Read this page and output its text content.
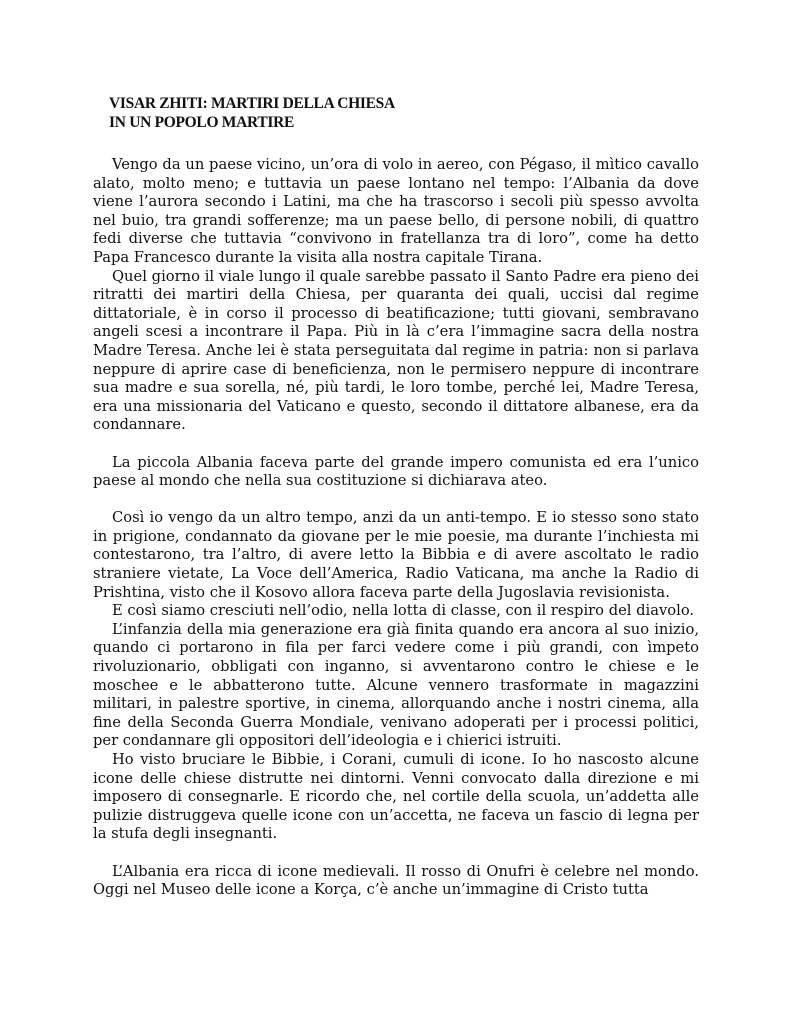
VISAR ZHITI: MARTIRI DELLA CHIESA
IN UN POPOLO MARTIRE

Vengo da un paese vicino, un’ora di volo in aereo, con Pégaso, il mìtico cavallo alato, molto meno; e tuttavia un paese lontano nel tempo: l’Albania da dove viene l’aurora secondo i Latini, ma che ha trascorso i secoli più spesso avvolta nel buio, tra grandi sofferenze; ma un paese bello, di persone nobili, di quattro fedi diverse che tuttavia “convivono in fratellanza tra di loro”, come ha detto Papa Francesco durante la visita alla nostra capitale Tirana.

Quel giorno il viale lungo il quale sarebbe passato il Santo Padre era pieno dei ritratti dei martiri della Chiesa, per quaranta dei quali, uccisi dal regime dittatoriale, è in corso il processo di beatificazione; tutti giovani, sembravano angeli scesi a incontrare il Papa. Più in là c’era l’immagine sacra della nostra Madre Teresa. Anche lei è stata perseguitata dal regime in patria: non si parlava neppure di aprire case di beneficienza, non le permisero neppure di incontrare sua madre e sua sorella, né, più tardi, le loro tombe, perché lei, Madre Teresa, era una missionaria del Vaticano e questo, secondo il dittatore albanese, era da condannare.

La piccola Albania faceva parte del grande impero comunista ed era l’unico paese al mondo che nella sua costituzione si dichiarava ateo.

Così io vengo da un altro tempo, anzi da un anti-tempo. E io stesso sono stato in prigione, condannato da giovane per le mie poesie, ma durante l’inchiesta mi contestarono, tra l’altro, di avere letto la Bibbia e di avere ascoltato le radio straniere vietate, La Voce dell’America, Radio Vaticana, ma anche la Radio di Prishtina, visto che il Kosovo allora faceva parte della Jugoslavia revisionista.

E così siamo cresciuti nell’odio, nella lotta di classe, con il respiro del diavolo.

L’infanzia della mia generazione era già finita quando era ancora al suo inizio, quando ci portarono in fila per farci vedere come i più grandi, con ìmpeto rivoluzionario, obbligati con inganno, si avventarono contro le chiese e le moschee e le abbatterono tutte. Alcune vennero trasformate in magazzini militari, in palestre sportive, in cinema, allorquando anche i nostri cinema, alla fine della Seconda Guerra Mondiale, venivano adoperati per i processi politici, per condannare gli oppositori dell’ideologia e i chierici istruiti.

Ho visto bruciare le Bibbie, i Corani, cumuli di icone. Io ho nascosto alcune icone delle chiese distrutte nei dintorni. Venni convocato dalla direzione e mi imposero di consegnarle. E ricordo che, nel cortile della scuola, un’addetta alle pulizie distruggeva quelle icone con un’accetta, ne faceva un fascio di legna per la stufa degli insegnanti.

L’Albania era ricca di icone medievali. Il rosso di Onufri è celebre nel mondo. Oggi nel Museo delle icone a Korça, c’è anche un’immagine di Cristo tutta
